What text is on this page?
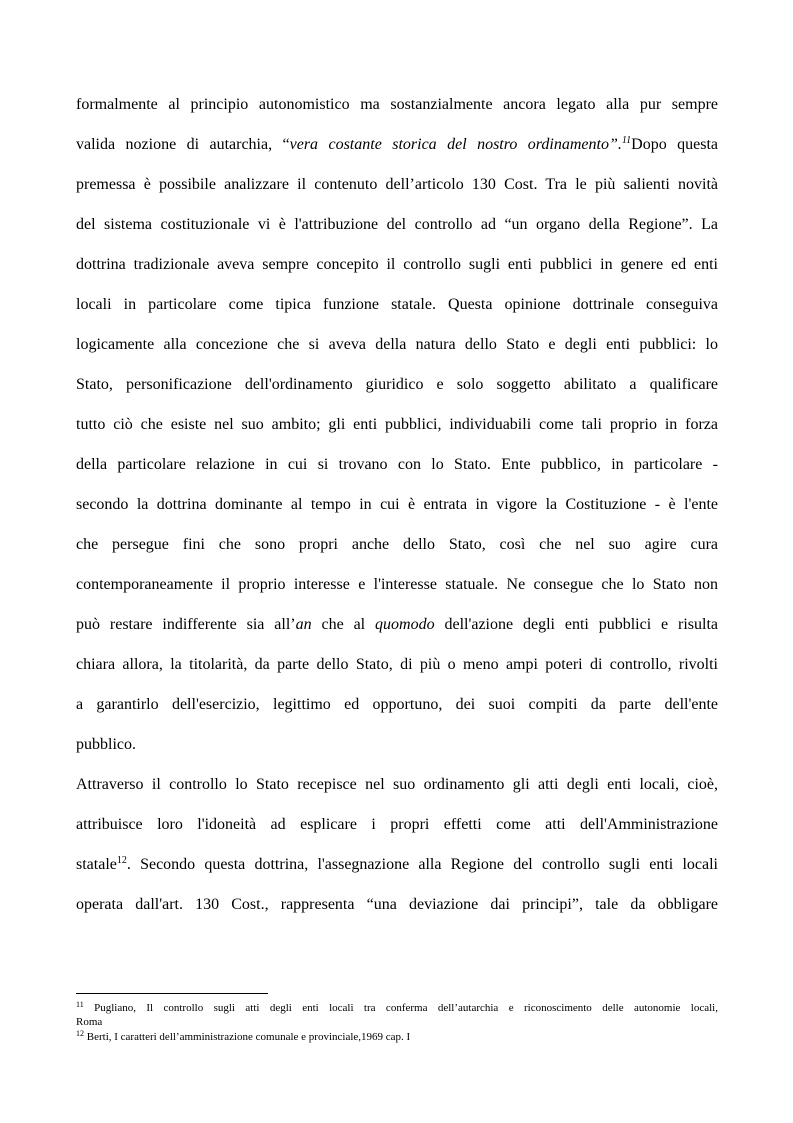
formalmente al principio autonomistico ma sostanzialmente ancora legato alla pur sempre
valida nozione di autarchia, “vera costante storica del nostro ordinamento”.$^{11}$Dopo questa
premessa è possibile analizzare il contenuto dell’articolo 130 Cost. Tra le più salienti novità
del sistema costituzionale vi è l'attribuzione del controllo ad “un organo della Regione”. La
dottrina tradizionale aveva sempre concepito il controllo sugli enti pubblici in genere ed enti
locali in particolare come tipica funzione statale. Questa opinione dottrinale conseguiva
logicamente alla concezione che si aveva della natura dello Stato e degli enti pubblici: lo
Stato, personificazione dell'ordinamento giuridico e solo soggetto abilitato a qualificare
tutto ciò che esiste nel suo ambito; gli enti pubblici, individuabili come tali proprio in forza
della particolare relazione in cui si trovano con lo Stato. Ente pubblico, in particolare -
secondo la dottrina dominante al tempo in cui è entrata in vigore la Costituzione - è l'ente
che persegue fini che sono propri anche dello Stato, così che nel suo agire cura
contemporaneamente il proprio interesse e l'interesse statuale. Ne consegue che lo Stato non
può restare indifferente sia all’an che al quomodo dell'azione degli enti pubblici e risulta
chiara allora, la titolarità, da parte dello Stato, di più o meno ampi poteri di controllo, rivolti
a garantirlo dell'esercizio, legittimo ed opportuno, dei suoi compiti da parte dell'ente
pubblico.
Attraverso il controllo lo Stato recepisce nel suo ordinamento gli atti degli enti locali, cioè,
attribuisce loro l'idoneità ad esplicare i propri effetti come atti dell'Amministrazione
statale$^{12}$. Secondo questa dottrina, l'assegnazione alla Regione del controllo sugli enti locali
operata dall'art. 130 Cost., rappresenta “una deviazione dai principi”, tale da obbligare
$^{11}$ Pugliano, Il controllo sugli atti degli enti locali tra conferma dell’autarchia e riconoscimento delle autonomie locali,
Roma
$^{12}$ Berti, I caratteri dell’amministrazione comunale e provinciale,1969 cap. I
